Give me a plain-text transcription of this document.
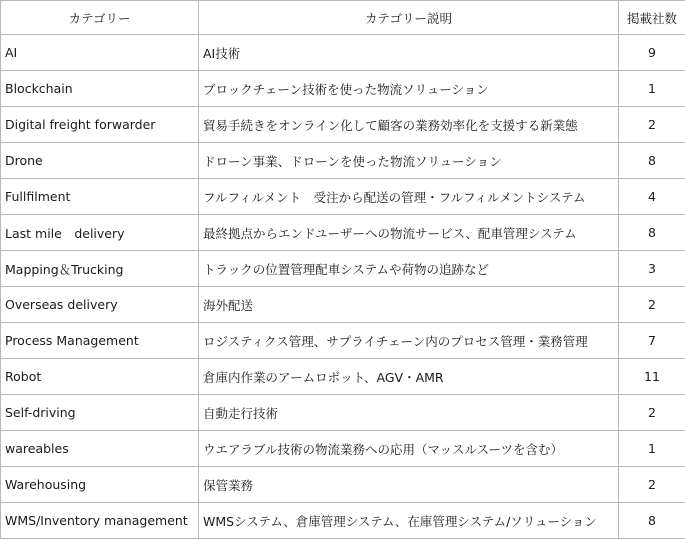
カテゴリー	カテゴリー説明	掲載社数
AI	AI技術	9
Blockchain	ブロックチェーン技術を使った物流ソリューション	1
Digital freight forwarder	貿易手続きをオンライン化して顧客の業務効率化を支援する新業態	2
Drone	ドローン事業、ドローンを使った物流ソリューション	8
Fullfilment	フルフィルメント　受注から配送の管理・フルフィルメントシステム	4
Last mile　delivery	最終拠点からエンドユーザーへの物流サービス、配車管理システム	8
Mapping＆Trucking	トラックの位置管理配車システムや荷物の追跡など	3
Overseas delivery	海外配送	2
Process Management	ロジスティクス管理、サプライチェーン内のプロセス管理・業務管理	7
Robot	倉庫内作業のアームロボット、AGV・AMR	11
Self-driving	自動走行技術	2
wareables	ウエアラブル技術の物流業務への応用（マッスルスーツを含む）	1
Warehousing	保管業務	2
WMS/Inventory management	WMSシステム、倉庫管理システム、在庫管理システム/ソリューション	8
